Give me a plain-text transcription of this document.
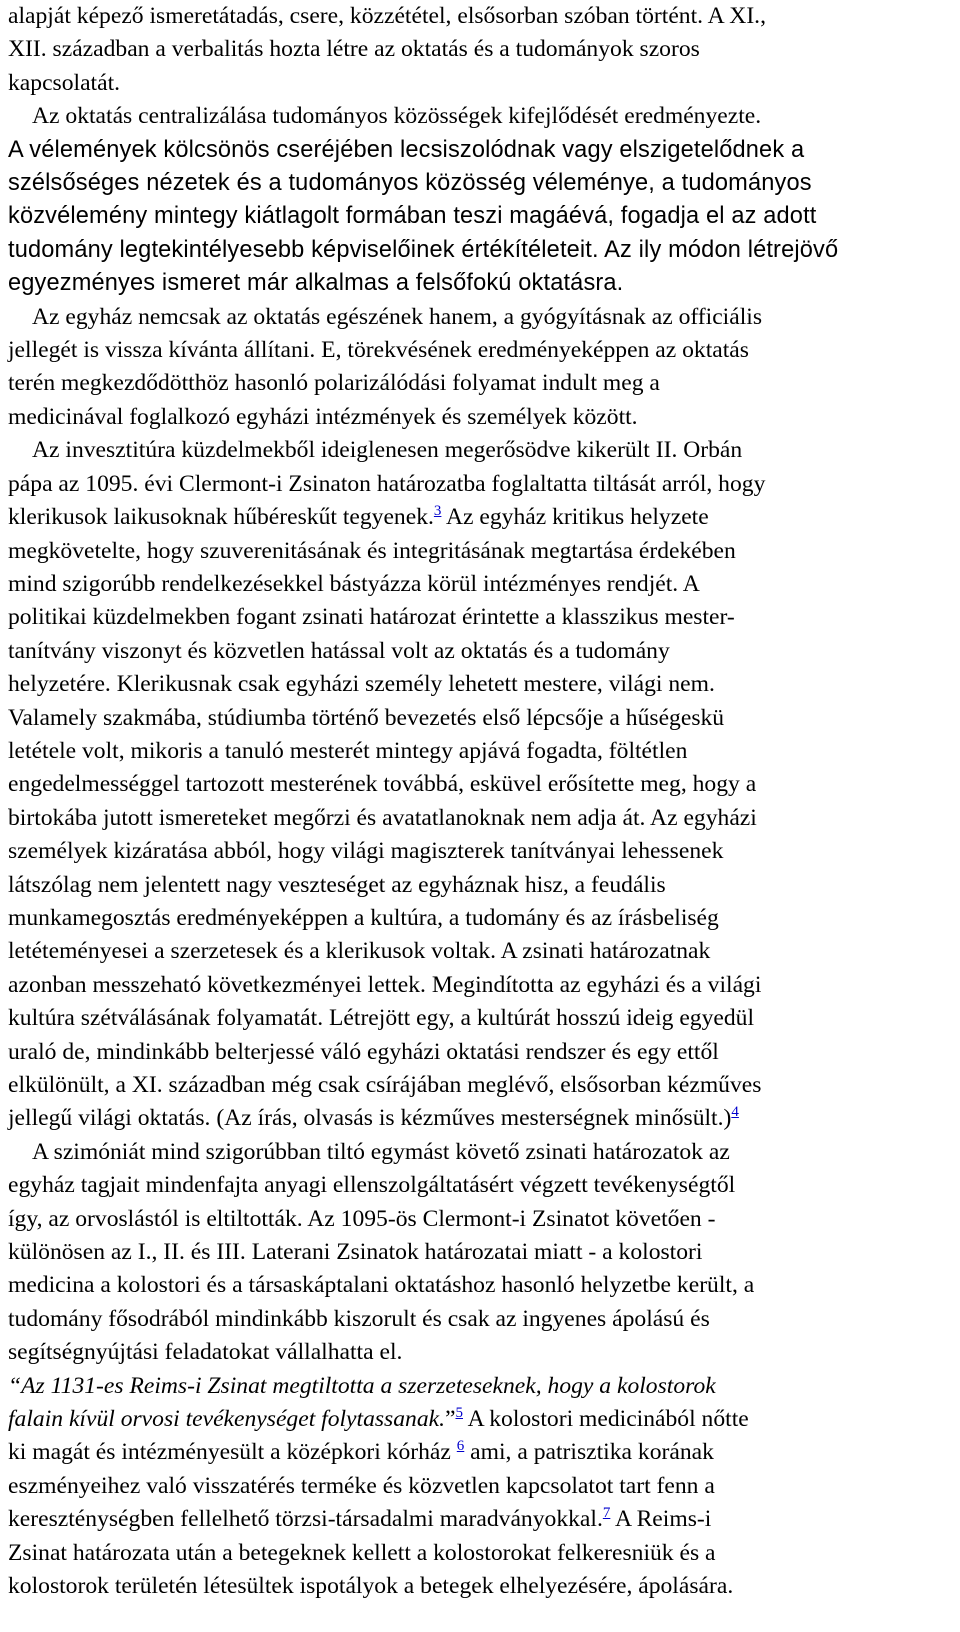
alapját képező ismeretátadás, csere, közzététel, elsősorban szóban történt. A XI.,
XII. században a verbalitás hozta létre az oktatás és a tudományok szoros
kapcsolatát.
Az oktatás centralizálása tudományos közösségek kifejlődését eredményezte.
A vélemények kölcsönös cseréjében lecsiszolódnak vagy elszigetelődnek a
szélsőséges nézetek és a tudományos közösség véleménye, a tudományos
közvélemény mintegy kiátlagolt formában teszi magáévá, fogadja el az adott
tudomány legtekintélyesebb képviselőinek értékítéleteit. Az ily módon létrejövő
egyezményes ismeret már alkalmas a felsőfokú oktatásra.
Az egyház nemcsak az oktatás egészének hanem, a gyógyításnak az officiális
jellegét is vissza kívánta állítani. E, törekvésének eredményeképpen az oktatás
terén megkezdődötthöz hasonló polarizálódási folyamat indult meg a
medicinával foglalkozó egyházi intézmények és személyek között.
Az invesztitúra küzdelmekből ideiglenesen megerősödve kikerült II. Orbán
pápa az 1095. évi Clermont-i Zsinaton határozatba foglaltatta tiltását arról, hogy
klerikusok laikusoknak hűbéreskűt tegyenek.$^3$ Az egyház kritikus helyzete
megkövetelte, hogy szuverenitásának és integritásának megtartása érdekében
mind szigorúbb rendelkezésekkel bástyázza körül intézményes rendjét. A
politikai küzdelmekben fogant zsinati határozat érintette a klasszikus mester-
tanítvány viszonyt és közvetlen hatással volt az oktatás és a tudomány
helyzetére. Klerikusnak csak egyházi személy lehetett mestere, világi nem.
Valamely szakmába, stúdiumba történő bevezetés első lépcsője a hűségeskü
letétele volt, mikoris a tanuló mesterét mintegy apjává fogadta, föltétlen
engedelmességgel tartozott mesterének továbbá, esküvel erősítette meg, hogy a
birtokába jutott ismereteket megőrzi és avatatlanoknak nem adja át. Az egyházi
személyek kizáratása abból, hogy világi magiszterek tanítványai lehessenek
látszólag nem jelentett nagy veszteséget az egyháznak hisz, a feudális
munkamegosztás eredményeképpen a kultúra, a tudomány és az írásbeliség
letéteményesei a szerzetesek és a klerikusok voltak. A zsinati határozatnak
azonban messzeható következményei lettek. Megindította az egyházi és a világi
kultúra szétválásának folyamatát. Létrejött egy, a kultúrát hosszú ideig egyedül
uraló de, mindinkább belterjessé váló egyházi oktatási rendszer és egy ettől
elkülönült, a XI. században még csak csírájában meglévő, elsősorban kézműves
jellegű világi oktatás. (Az írás, olvasás is kézműves mesterségnek minősült.)$^4$
A szimóniát mind szigorúbban tiltó egymást követő zsinati határozatok az
egyház tagjait mindenfajta anyagi ellenszolgáltatásért végzett tevékenységtől
így, az orvoslástól is eltiltották. Az 1095-ös Clermont-i Zsinatot követően -
különösen az I., II. és III. Laterani Zsinatok határozatai miatt - a kolostori
medicina a kolostori és a társaskáptalani oktatáshoz hasonló helyzetbe került, a
tudomány fősodrából mindinkább kiszorult és csak az ingyenes ápolású és
segítségnyújtási feladatokat vállalhatta el.
“Az 1131-es Reims-i Zsinat megtiltotta a szerzeteseknek, hogy a kolostorok
falain kívül orvosi tevékenységet folytassanak.”$^5$ A kolostori medicinából nőtte
ki magát és intézményesült a középkori kórház $^6$ ami, a patrisztika korának
eszményeihez való visszatérés terméke és közvetlen kapcsolatot tart fenn a
kereszténységben fellelhető törzsi-társadalmi maradványokkal.$^7$ A Reims-i
Zsinat határozata után a betegeknek kellett a kolostorokat felkeresniük és a
kolostorok területén létesültek ispotályok a betegek elhelyezésére, ápolására.
